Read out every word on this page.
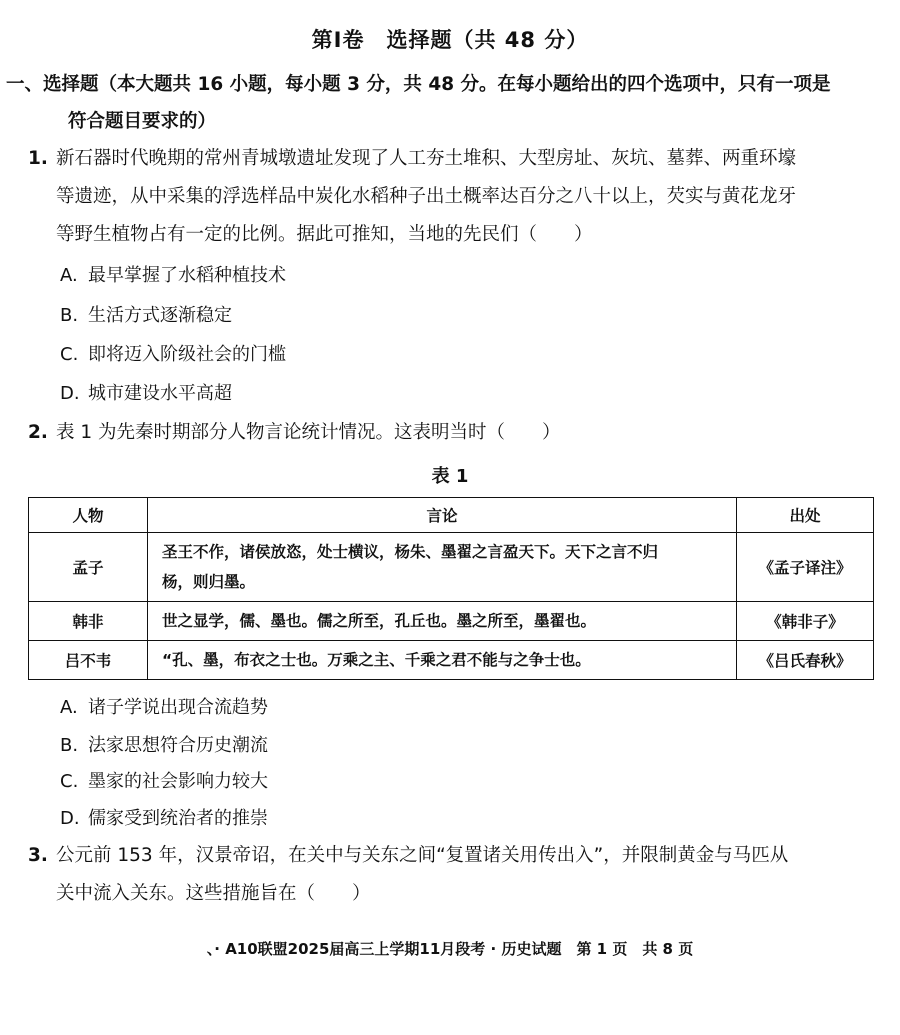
第Ⅰ卷　选择题（共 48 分）
一、选择题（本大题共 16 小题，每小题 3 分，共 48 分。在每小题给出的四个选项中，只有一项是
符合题目要求的）
1. 新石器时代晚期的常州青城墩遗址发现了人工夯土堆积、大型房址、灰坑、墓葬、两重环壕
等遗迹，从中采集的浮选样品中炭化水稻种子出土概率达百分之八十以上，芡实与黄花龙牙
等野生植物占有一定的比例。据此可推知，当地的先民们（　　）
A. 最早掌握了水稻种植技术
B. 生活方式逐渐稳定
C. 即将迈入阶级社会的门槛
D. 城市建设水平高超
2. 表 1 为先秦时期部分人物言论统计情况。这表明当时（　　）
表 1
人物	言论	出处
孟子	圣王不作，诸侯放恣，处士横议，杨朱、墨翟之言盈天下。天下之言不归
杨，则归墨。	《孟子译注》
韩非	世之显学，儒、墨也。儒之所至，孔丘也。墨之所至，墨翟也。	《韩非子》
吕不韦	“孔、墨，布衣之士也。万乘之主、千乘之君不能与之争士也。	《吕氏春秋》
A. 诸子学说出现合流趋势
B. 法家思想符合历史潮流
C. 墨家的社会影响力较大
D. 儒家受到统治者的推崇
3. 公元前 153 年，汉景帝诏，在关中与关东之间“复置诸关用传出入”，并限制黄金与马匹从
关中流入关东。这些措施旨在（　　）
、· A10联盟2025届高三上学期11月段考 · 历史试题　第 1 页　共 8 页
